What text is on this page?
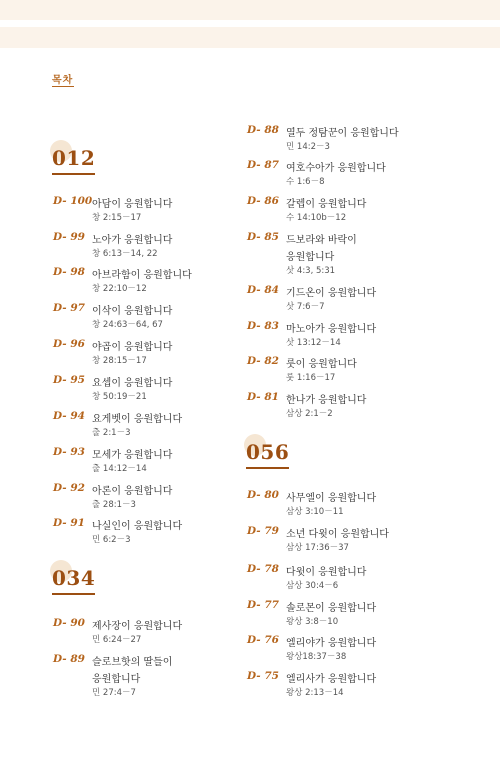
목차
012
D- 100 아담이 응원합니다
창 2:15－17
D- 99 노아가 응원합니다
창 6:13－14, 22
D- 98 아브라함이 응원합니다
창 22:10－12
D- 97 이삭이 응원합니다
창 24:63－64, 67
D- 96 야곱이 응원합니다
창 28:15－17
D- 95 요셉이 응원합니다
창 50:19－21
D- 94 요게벳이 응원합니다
출 2:1－3
D- 93 모세가 응원합니다
출 14:12－14
D- 92 아론이 응원합니다
출 28:1－3
D- 91 나실인이 응원합니다
민 6:2－3
034
D- 90 제사장이 응원합니다
민 6:24－27
D- 89 슬로브핫의 딸들이
응원합니다
민 27:4－7
D- 88 열두 정탐꾼이 응원합니다
민 14:2－3
D- 87 여호수아가 응원합니다
수 1:6－8
D- 86 갈렙이 응원합니다
수 14:10b－12
D- 85 드보라와 바락이
응원합니다
삿 4:3, 5:31
D- 84 기드온이 응원합니다
삿 7:6－7
D- 83 마노아가 응원합니다
삿 13:12－14
D- 82 룻이 응원합니다
룻 1:16－17
D- 81 한나가 응원합니다
삼상 2:1－2
056
D- 80 사무엘이 응원합니다
삼상 3:10－11
D- 79 소년 다윗이 응원합니다
삼상 17:36－37
D- 78 다윗이 응원합니다
삼상 30:4－6
D- 77 솔로몬이 응원합니다
왕상 3:8－10
D- 76 엘리야가 응원합니다
왕상18:37－38
D- 75 엘리사가 응원합니다
왕상 2:13－14
